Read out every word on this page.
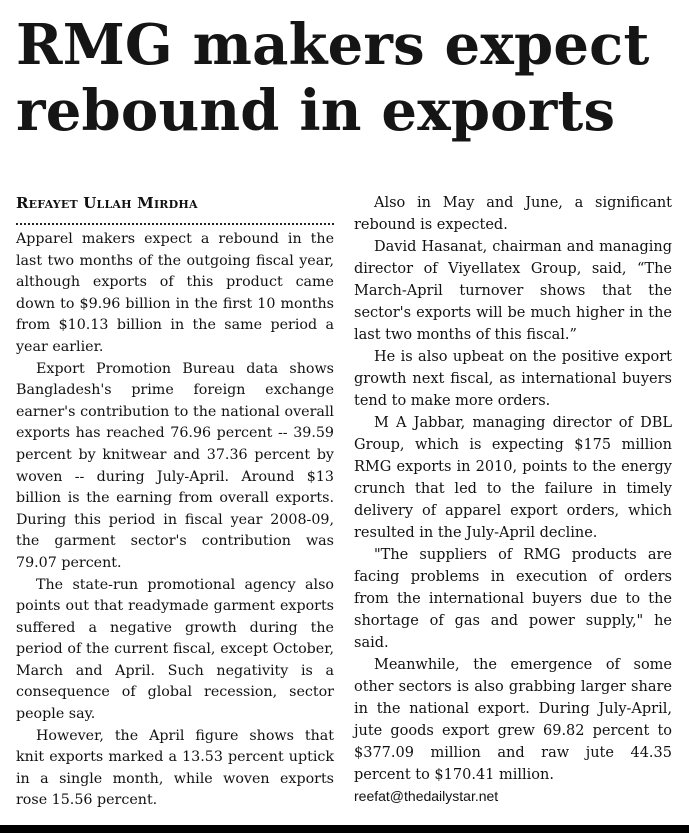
RMG makers expect rebound in exports
Refayet Ullah Mirdha

Apparel makers expect a rebound in the last two months of the outgoing fiscal year, although exports of this product came down to $9.96 billion in the first 10 months from $10.13 billion in the same period a year earlier.

Export Promotion Bureau data shows Bangladesh's prime foreign exchange earner's contribution to the national overall exports has reached 76.96 percent -- 39.59 percent by knitwear and 37.36 percent by woven -- during July-April. Around $13 billion is the earning from overall exports. During this period in fiscal year 2008-09, the garment sector's contribution was 79.07 percent.

The state-run promotional agency also points out that readymade garment exports suffered a negative growth during the period of the current fiscal, except October, March and April. Such negativity is a consequence of global recession, sector people say.

However, the April figure shows that knit exports marked a 13.53 percent uptick in a single month, while woven exports rose 15.56 percent.

Also in May and June, a significant rebound is expected.

David Hasanat, chairman and managing director of Viyellatex Group, said, “The March-April turnover shows that the sector's exports will be much higher in the last two months of this fiscal.”

He is also upbeat on the positive export growth next fiscal, as international buyers tend to make more orders.

M A Jabbar, managing director of DBL Group, which is expecting $175 million RMG exports in 2010, points to the energy crunch that led to the failure in timely delivery of apparel export orders, which resulted in the July-April decline.

"The suppliers of RMG products are facing problems in execution of orders from the international buyers due to the shortage of gas and power supply," he said.

Meanwhile, the emergence of some other sectors is also grabbing larger share in the national export. During July-April, jute goods export grew 69.82 percent to $377.09 million and raw jute 44.35 percent to $170.41 million.

reefat@thedailystar.net
